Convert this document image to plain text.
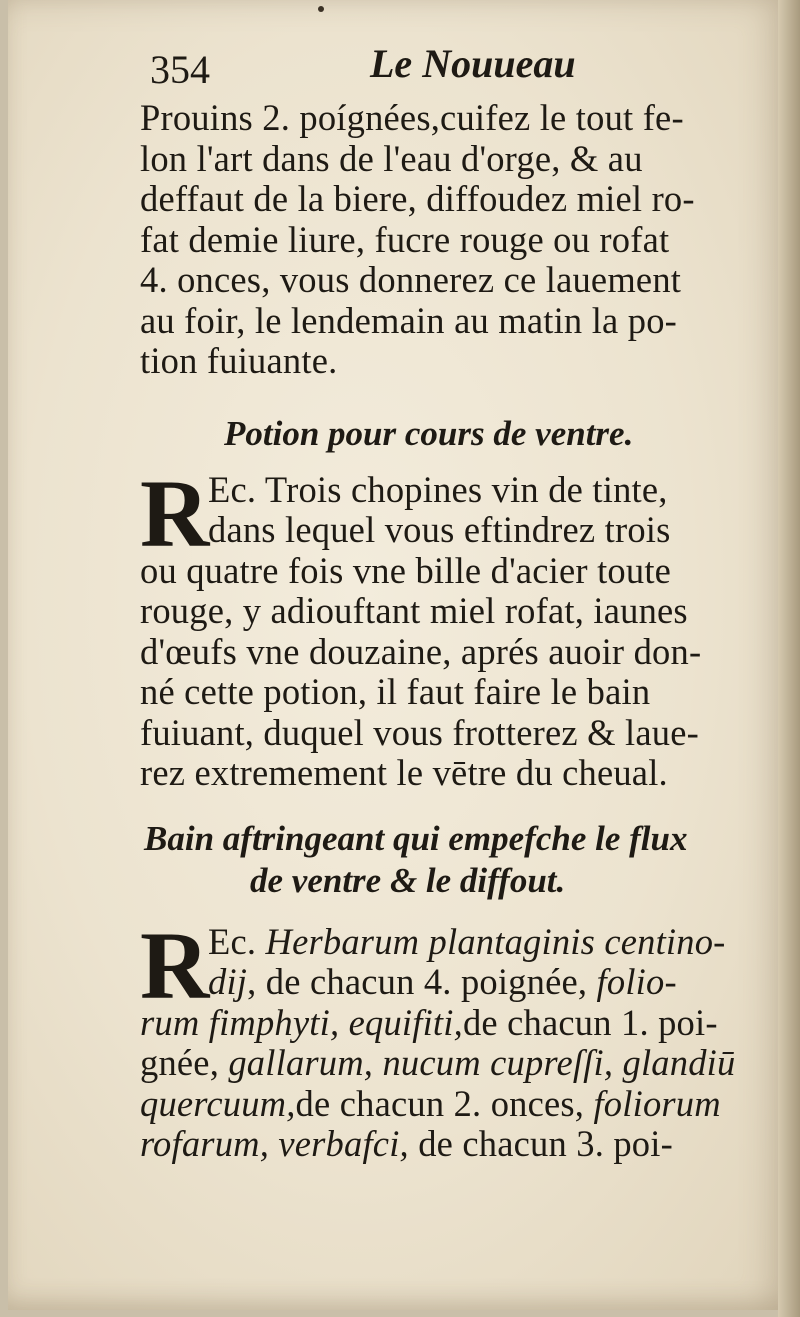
354	Le Nouueau
Prouins 2. poígnées,cuifez le tout fe-
lon l'art dans de l'eau d'orge, & au
deffaut de la biere, diffoudez miel ro-
fat demie liure, fucre rouge ou rofat
4. onces, vous donnerez ce lauement
au foir, le lendemain au matin la po-
tion fuiuante.
Potion pour cours de ventre.
R
Ec. Trois chopines vin de tinte,
dans lequel vous eftindrez trois
ou quatre fois vne bille d'acier toute
rouge, y adiouftant miel rofat, iaunes
d'œufs vne douzaine, aprés auoir don-
né cette potion, il faut faire le bain
fuiuant, duquel vous frotterez & laue-
rez extremement le vētre du cheual.
Bain aftringeant qui empefche le flux
de ventre & le diffout.
R
Ec. Herbarum plantaginis centino-
dij, de chacun 4. poignée, folio-
rum fimphyti, equifiti,de chacun 1. poi-
gnée, gallarum, nucum cupreſſi, glandiū
quercuum,de chacun 2. onces, foliorum
rofarum, verbafci, de chacun 3. poi-
